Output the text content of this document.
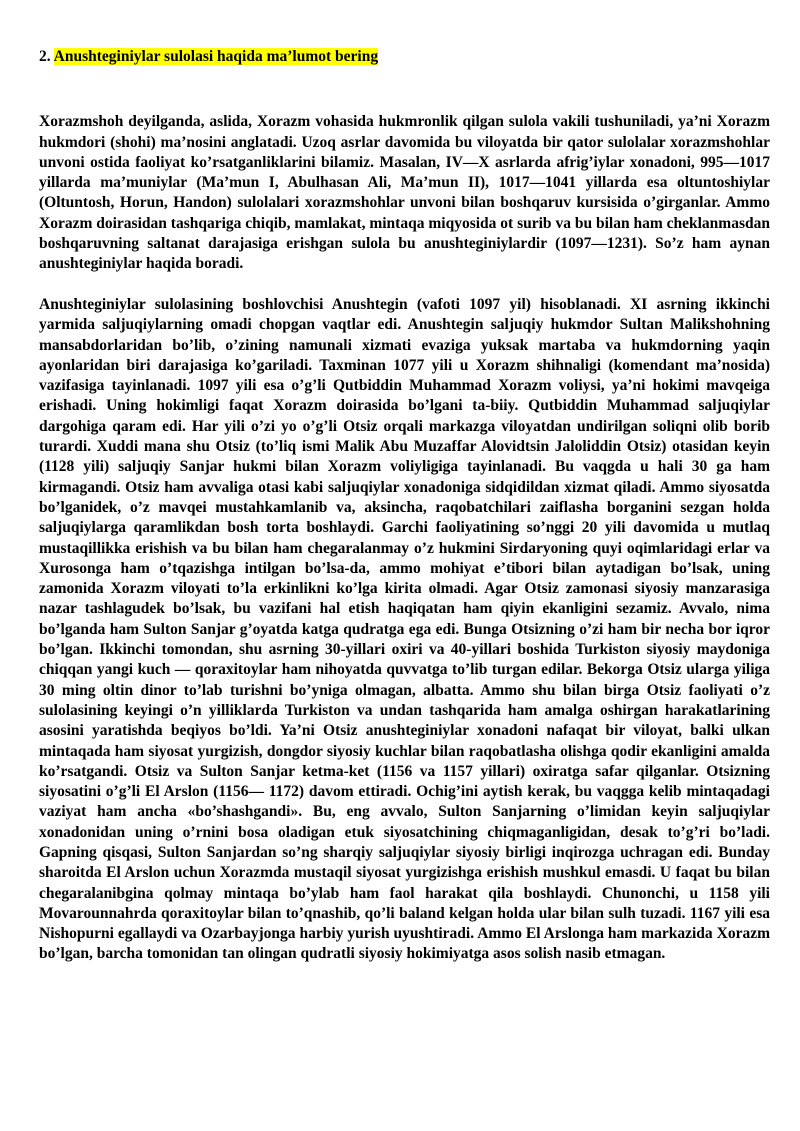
2. Anushteginiylar sulolasi haqida ma’lumot bering

Xorazmshoh deyilganda, aslida, Xorazm vohasida hukmronlik qilgan sulola vakili tushuniladi, ya’ni Xorazm hukmdori (shohi) ma’nosini anglatadi. Uzoq asrlar davomida bu viloyatda bir qator sulolalar xorazmshohlar unvoni ostida faoliyat ko’rsatganliklarini bilamiz. Masalan, IV—X asrlarda afrig’iylar xonadoni, 995—1017 yillarda ma’muniylar (Ma’mun I, Abulhasan Ali, Ma’mun II), 1017—1041 yillarda esa oltuntoshiylar (Oltuntosh, Horun, Handon) sulolalari xorazmshohlar unvoni bilan boshqaruv kursisida o’girganlar. Ammo Xorazm doirasidan tashqariga chiqib, mamlakat, mintaqa miqyosida ot surib va bu bilan ham cheklanmasdan boshqaruvning saltanat darajasiga erishgan sulola bu anushteginiylardir (1097—1231). So’z ham aynan anushteginiylar haqida boradi.

Anushteginiylar sulolasining boshlovchisi Anushtegin (vafoti 1097 yil) hisoblanadi. XI asrning ikkinchi yarmida saljuqiylarning omadi chopgan vaqtlar edi. Anushtegin saljuqiy hukmdor Sultan Malikshohning mansabdorlaridan bo’lib, o’zining namunali xizmati evaziga yuksak martaba va hukmdorning yaqin ayonlaridan biri darajasiga ko’gariladi. Taxminan 1077 yili u Xorazm shihnaligi (komendant ma’nosida) vazifasiga tayinlanadi. 1097 yili esa o’g’li Qutbiddin Muhammad Xorazm voliysi, ya’ni hokimi mavqeiga erishadi. Uning hokimligi faqat Xorazm doirasida bo’lgani ta-biiy. Qutbiddin Muhammad saljuqiylar dargohiga qaram edi. Har yili o’zi yo o’g’li Otsiz orqali markazga viloyatdan undirilgan soliqni olib borib turardi. Xuddi mana shu Otsiz (to’liq ismi Malik Abu Muzaffar Alovidtsin Jaloliddin Otsiz) otasidan keyin (1128 yili) saljuqiy Sanjar hukmi bilan Xorazm voliyligiga tayinlanadi. Bu vaqgda u hali 30 ga ham kirmagandi. Otsiz ham avvaliga otasi kabi saljuqiylar xonadoniga sidqidildan xizmat qiladi. Ammo siyosatda bo’lganidek, o’z mavqei mustahkamlanib va, aksincha, raqobatchilari zaiflasha borganini sezgan holda saljuqiylarga qaramlikdan bosh torta boshlaydi. Garchi faoliyatining so’nggi 20 yili davomida u mutlaq mustaqillikka erishish va bu bilan ham chegaralanmay o’z hukmini Sirdaryoning quyi oqimlaridagi erlar va Xurosonga ham o’tqazishga intilgan bo’lsa-da, ammo mohiyat e’tibori bilan aytadigan bo’lsak, uning zamonida Xorazm viloyati to’la erkinlikni ko’lga kirita olmadi. Agar Otsiz zamonasi siyosiy manzarasiga nazar tashlagudek bo’lsak, bu vazifani hal etish haqiqatan ham qiyin ekanligini sezamiz. Avvalo, nima bo’lganda ham Sulton Sanjar g’oyatda katga qudratga ega edi. Bunga Otsizning o’zi ham bir necha bor iqror bo’lgan. Ikkinchi tomondan, shu asrning 30-yillari oxiri va 40-yillari boshida Turkiston siyosiy maydoniga chiqqan yangi kuch — qoraxitoylar ham nihoyatda quvvatga to’lib turgan edilar. Bekorga Otsiz ularga yiliga 30 ming oltin dinor to’lab turishni bo’yniga olmagan, albatta. Ammo shu bilan birga Otsiz faoliyati o’z sulolasining keyingi o’n yilliklarda Turkiston va undan tashqarida ham amalga oshirgan harakatlarining asosini yaratishda beqiyos bo’ldi. Ya’ni Otsiz anushteginiylar xonadoni nafaqat bir viloyat, balki ulkan mintaqada ham siyosat yurgizish, dongdor siyosiy kuchlar bilan raqobatlasha olishga qodir ekanligini amalda ko’rsatgandi. Otsiz va Sulton Sanjar ketma-ket (1156 va 1157 yillari) oxiratga safar qilganlar. Otsizning siyosatini o’g’li El Arslon (1156— 1172) davom ettiradi. Ochig’ini aytish kerak, bu vaqgga kelib mintaqadagi vaziyat ham ancha «bo’shashgandi». Bu, eng avvalo, Sulton Sanjarning o’limidan keyin saljuqiylar xonadonidan uning o’rnini bosa oladigan etuk siyosatchining chiqmaganligidan, desak to’g’ri bo’ladi. Gapning qisqasi, Sulton Sanjardan so’ng sharqiy saljuqiylar siyosiy birligi inqirozga uchragan edi. Bunday sharoitda El Arslon uchun Xorazmda mustaqil siyosat yurgizishga erishish mushkul emasdi. U faqat bu bilan chegaralanibgina qolmay mintaqa bo’ylab ham faol harakat qila boshlaydi. Chunonchi, u 1158 yili Movarounnahrda qoraxitoylar bilan to’qnashib, qo’li baland kelgan holda ular bilan sulh tuzadi. 1167 yili esa Nishopurni egallaydi va Ozarbayjonga harbiy yurish uyushtiradi. Ammo El Arslonga ham markazida Xorazm bo’lgan, barcha tomonidan tan olingan qudratli siyosiy hokimiyatga asos solish nasib etmagan.
